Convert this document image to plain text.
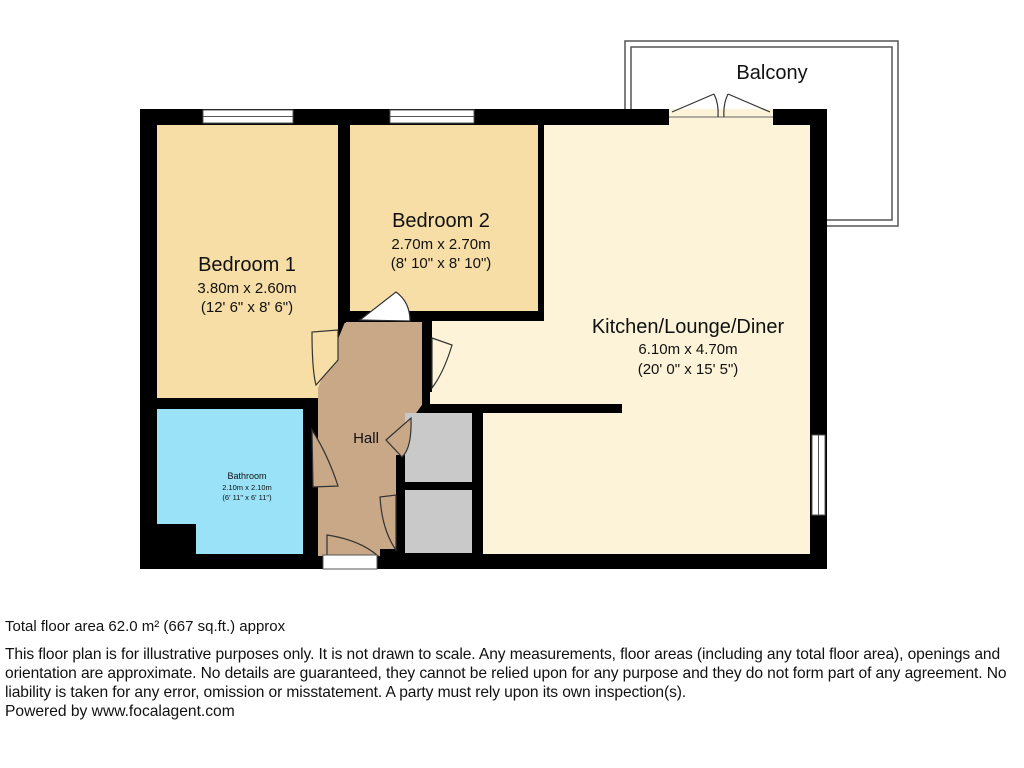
Balcony
Bedroom 1
3.80m x 2.60m
(12' 6" x 8' 6")
Bedroom 2
2.70m x 2.70m
(8' 10" x 8' 10")
Kitchen/Lounge/Diner
6.10m x 4.70m
(20' 0" x 15' 5")
Hall
Bathroom
2.10m x 2.10m
(6' 11" x 6' 11")

Total floor area 62.0 m² (667 sq.ft.) approx

This floor plan is for illustrative purposes only. It is not drawn to scale. Any measurements, floor areas (including any total floor area), openings and orientation are approximate. No details are guaranteed, they cannot be relied upon for any purpose and they do not form part of any agreement. No liability is taken for any error, omission or misstatement. A party must rely upon its own inspection(s).

Powered by www.focalagent.com
